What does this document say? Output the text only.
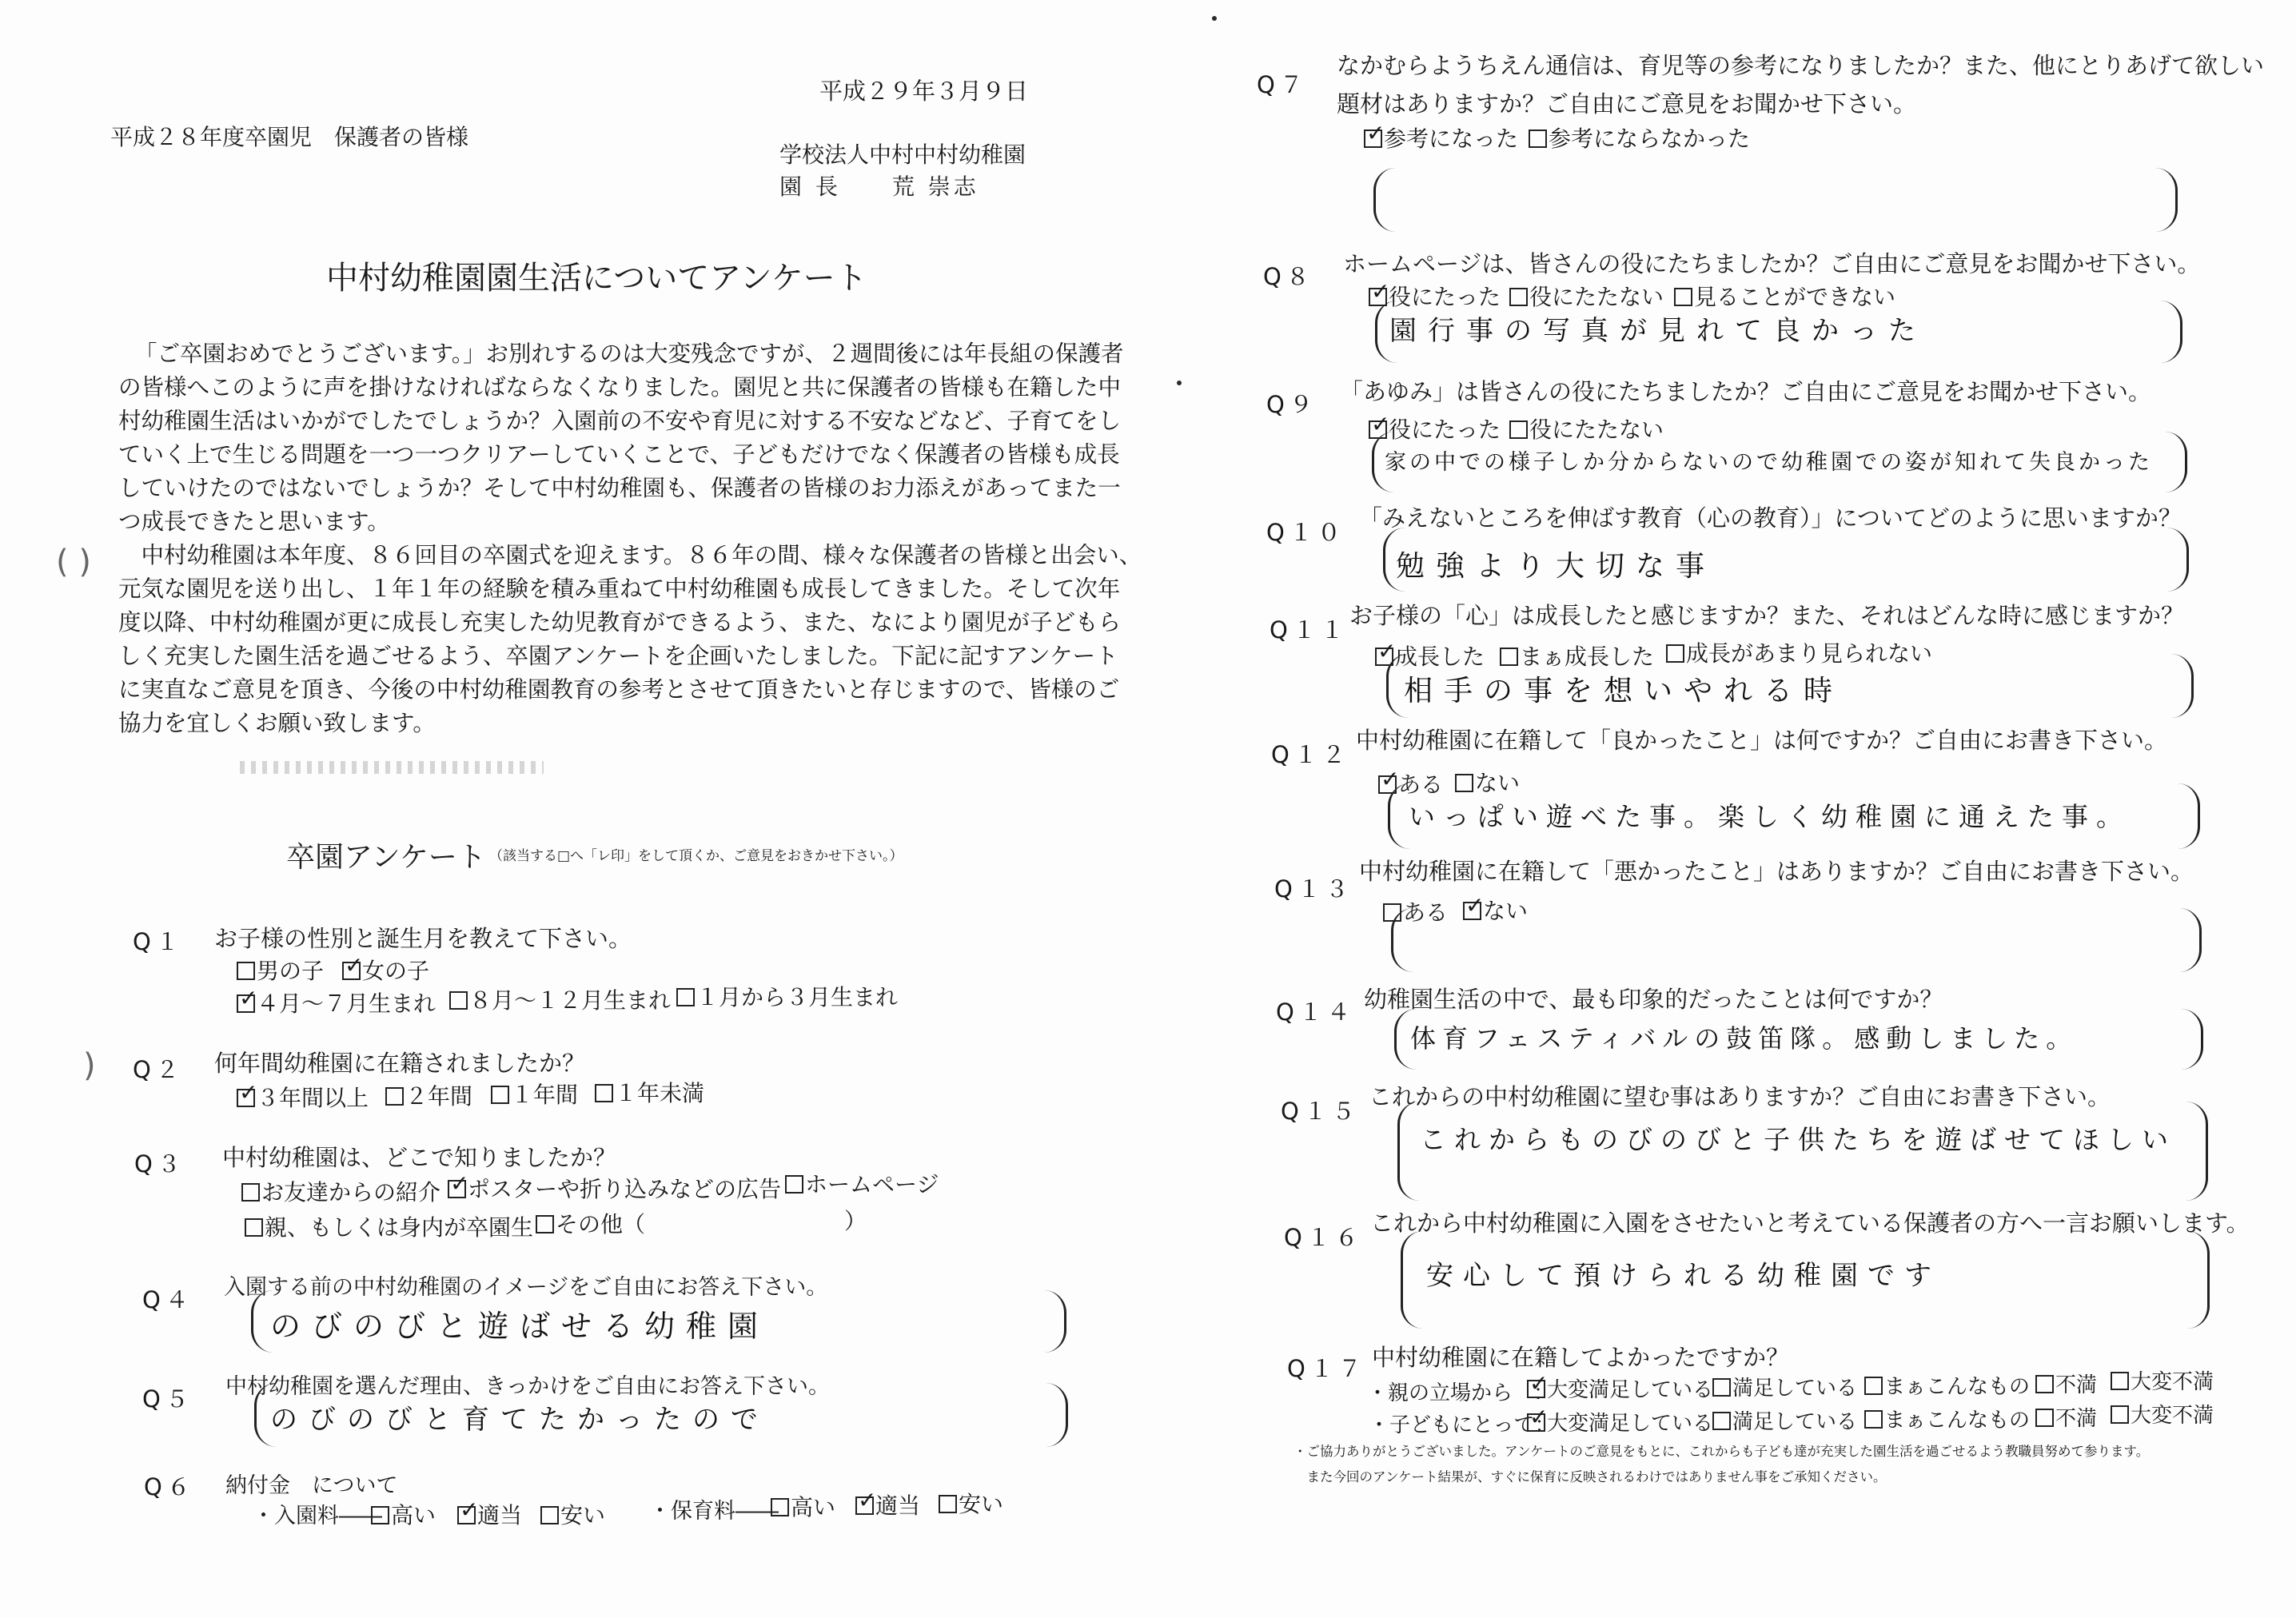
平成２９年３月９日
平成２８年度卒園児　保護者の皆様
学校法人中村中村幼稚園
園 長　　荒 崇志
中村幼稚園園生活についてアンケート
「ご卒園おめでとうございます。」お別れするのは大変残念ですが、２週間後には年長組の保護者
の皆様へこのように声を掛けなければならなくなりました。園児と共に保護者の皆様も在籍した中
村幼稚園生活はいかがでしたでしょうか？入園前の不安や育児に対する不安などなど、子育てをし
ていく上で生じる問題を一つ一つクリアーしていくことで、子どもだけでなく保護者の皆様も成長
していけたのではないでしょうか？そして中村幼稚園も、保護者の皆様のお力添えがあってまた一
つ成長できたと思います。
　中村幼稚園は本年度、８６回目の卒園式を迎えます。８６年の間、様々な保護者の皆様と出会い、
元気な園児を送り出し、１年１年の経験を積み重ねて中村幼稚園も成長してきました。そして次年
度以降、中村幼稚園が更に成長し充実した幼児教育ができるよう、また、なにより園児が子どもら
しく充実した園生活を過ごせるよう、卒園アンケートを企画いたしました。下記に記すアンケート
に実直なご意見を頂き、今後の中村幼稚園教育の参考とさせて頂きたいと存じますので、皆様のご
協力を宜しくお願い致します。
卒園アンケート （該当する□へ「レ印」をして頂くか、ご意見をおきかせ下さい。）
Q１ お子様の性別と誕生月を教えて下さい。
男の子 ✓	女の子
✓４月～７月生まれ	８月～１２月生まれ	１月から３月生まれ
Q２ 何年間幼稚園に在籍されましたか？
✓３年間以上	２年間	１年間	１年未満
Q３ 中村幼稚園は、どこで知りましたか？
お友達からの紹介 ✓	ポスターや折り込みなどの広告	ホームページ
親、もしくは身内が卒園生 その他（	）
Q４ 入園する前の中村幼稚園のイメージをご自由にお答え下さい。
のびのびと遊ばせる幼稚園
Q５ 中村幼稚園を選んだ理由、きっかけをご自由にお答え下さい。
のびのびと育てたかったので
Q６ 納付金　について
・入園料―― 高い ✓	適当	安い ・保育料―― 高い ✓	適当	安い
( )
)
Q７
なかむらようちえん通信は、育児等の参考になりましたか？また、他にとりあげて欲しい
題材はありますか？ご自由にご意見をお聞かせ下さい。
✓参考になった	参考にならなかった
Q８ ホームページは、皆さんの役にたちましたか？ご自由にご意見をお聞かせ下さい。
✓役にたった	役にたたない	見ることができない
園行事の写真が見れて良かった
Q９ 「あゆみ」は皆さんの役にたちましたか？ご自由にご意見をお聞かせ下さい。
✓役にたった	役にたたない
家の中での様子しか分からないので幼稚園での姿が知れて失良かった
Q１０
「みえないところを伸ばす教育（心の教育）」についてどのように思いますか？
勉強より大切な事
Q１１
お子様の「心」は成長したと感じますか？また、それはどんな時に感じますか？
✓成長した	まぁ成長した	成長があまり見られない
相手の事を想いやれる時
Q１２
中村幼稚園に在籍して「良かったこと」は何ですか？ご自由にお書き下さい。
✓ある	ない
いっぱい遊べた事。楽しく幼稚園に通えた事。
Q１３
中村幼稚園に在籍して「悪かったこと」はありますか？ご自由にお書き下さい。
ある ✓	ない
Q１４ 幼稚園生活の中で、最も印象的だったことは何ですか？
体育フェスティバルの鼓笛隊。感動しました。
Q１５
これからの中村幼稚園に望む事はありますか？ご自由にお書き下さい。
これからものびのびと子供たちを遊ばせてほしい
Q１６
これから中村幼稚園に入園をさせたいと考えている保護者の方へ一言お願いします。
安心して預けられる幼稚園です
Q１７ 中村幼稚園に在籍してよかったですか？
・親の立場から　：
✓大変満足している 満足している	まぁこんなもの	不満	大変不満
・子どもにとって：
✓大変満足している 満足している	まぁこんなもの	不満	大変不満
・ご協力ありがとうございました。アンケートのご意見をもとに、これからも子ども達が充実した園生活を過ごせるよう教職員努めて参ります。
　また今回のアンケート結果が、すぐに保育に反映されるわけではありません事をご承知ください。
